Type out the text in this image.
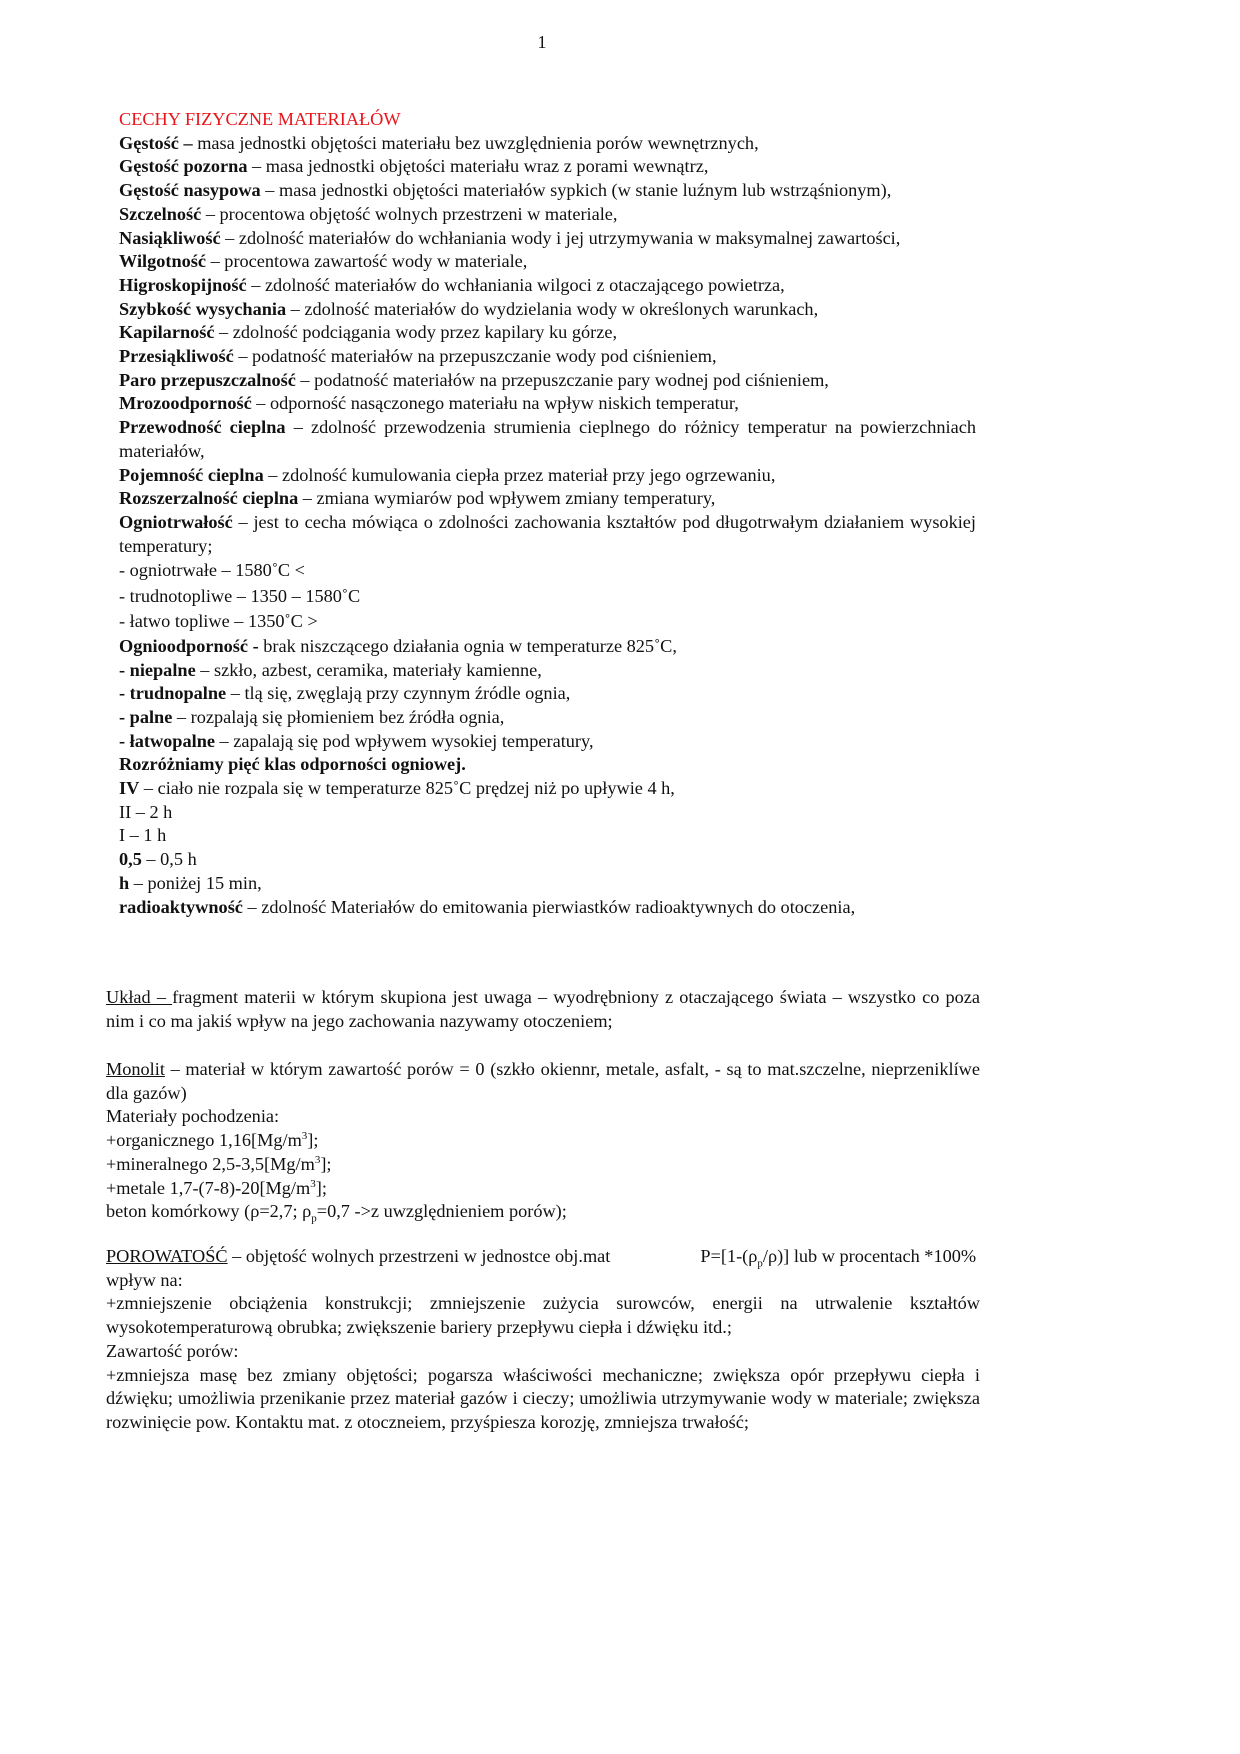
1
CECHY FIZYCZNE MATERIAŁÓW
Gęstość – masa jednostki objętości materiału bez uwzględnienia porów wewnętrznych,
Gęstość pozorna – masa jednostki objętości materiału wraz z porami wewnątrz,
Gęstość nasypowa – masa jednostki objętości materiałów sypkich (w stanie luźnym lub wstrząśnionym),
Szczelność – procentowa objętość wolnych przestrzeni w materiale,
Nasiąkliwość – zdolność materiałów do wchłaniania wody i jej utrzymywania w maksymalnej zawartości,
Wilgotność – procentowa zawartość wody w materiale,
Higroskopijność – zdolność materiałów do wchłaniania wilgoci z otaczającego powietrza,
Szybkość wysychania – zdolność materiałów do wydzielania wody w określonych warunkach,
Kapilarność – zdolność podciągania wody przez kapilary ku górze,
Przesiąkliwość – podatność materiałów na przepuszczanie wody pod ciśnieniem,
Paro przepuszczalność – podatność materiałów na przepuszczanie pary wodnej pod ciśnieniem,
Mrozoodporność – odporność nasączonego materiału na wpływ niskich temperatur,
Przewodność cieplna – zdolność przewodzenia strumienia cieplnego do różnicy temperatur na powierzchniach materiałów,
Pojemność cieplna – zdolność kumulowania ciepła przez materiał przy jego ogrzewaniu,
Rozszerzalność cieplna – zmiana wymiarów pod wpływem zmiany temperatury,
Ogniotrwałość – jest to cecha mówiąca o zdolności zachowania kształtów pod długotrwałym działaniem wysokiej temperatury;
- ogniotrwałe – 1580˚C <
- trudnotopliwe – 1350 – 1580˚C
- łatwo topliwe – 1350˚C >
Ognioodporność - brak niszczącego działania ognia w temperaturze 825˚C,
- niepalne – szkło, azbest, ceramika, materiały kamienne,
- trudnopalne – tlą się, zwęglają przy czynnym źródle ognia,
- palne – rozpalają się płomieniem bez źródła ognia,
- łatwopalne – zapalają się pod wpływem wysokiej temperatury,
Rozróżniamy pięć klas odporności ogniowej.
IV – ciało nie rozpala się w temperaturze 825˚C prędzej niż po upływie 4 h,
II – 2 h
I – 1 h
0,5 – 0,5 h
h – poniżej 15 min,
radioaktywność – zdolność Materiałów do emitowania pierwiastków radioaktywnych do otoczenia,
Układ – fragment materii w którym skupiona jest uwaga – wyodrębniony z otaczającego świata – wszystko co poza nim i co ma jakiś wpływ na jego zachowania nazywamy otoczeniem;
Monolit – materiał w którym zawartość porów = 0 (szkło okiennr, metale, asfalt, - są to mat.szczelne, nieprzeniklíwe dla gazów)
Materiały pochodzenia:
+organicznego $1,16[Mg/m^3]$;
+mineralnego $2,5-3,5[Mg/m^3]$;
+metale $1,7-(7-8)-20[Mg/m^3]$;
beton komórkowy (ρ=2,7; $\rho_p=0,7$ ->z uwzględnieniem porów);
POROWATOŚĆ – objętość wolnych przestrzeni w jednostce obj.mat	$P=[1-(\rho_p/\rho)]$ lub w procentach *100%
wpływ na:
+zmniejszenie obciążenia konstrukcji; zmniejszenie zużycia surowców, energii na utrwalenie kształtów wysokotemperaturową obrubka; zwiększenie bariery przepływu ciepła i dźwięku itd.;
Zawartość porów:
+zmniejsza masę bez zmiany objętości; pogarsza właściwości mechaniczne; zwiększa opór przepływu ciepła i dźwięku; umożliwia przenikanie przez materiał gazów i cieczy; umożliwia utrzymywanie wody w materiale; zwiększa rozwinięcie pow. Kontaktu mat. z otoczneiem, przyśpiesza korozję, zmniejsza trwałość;
